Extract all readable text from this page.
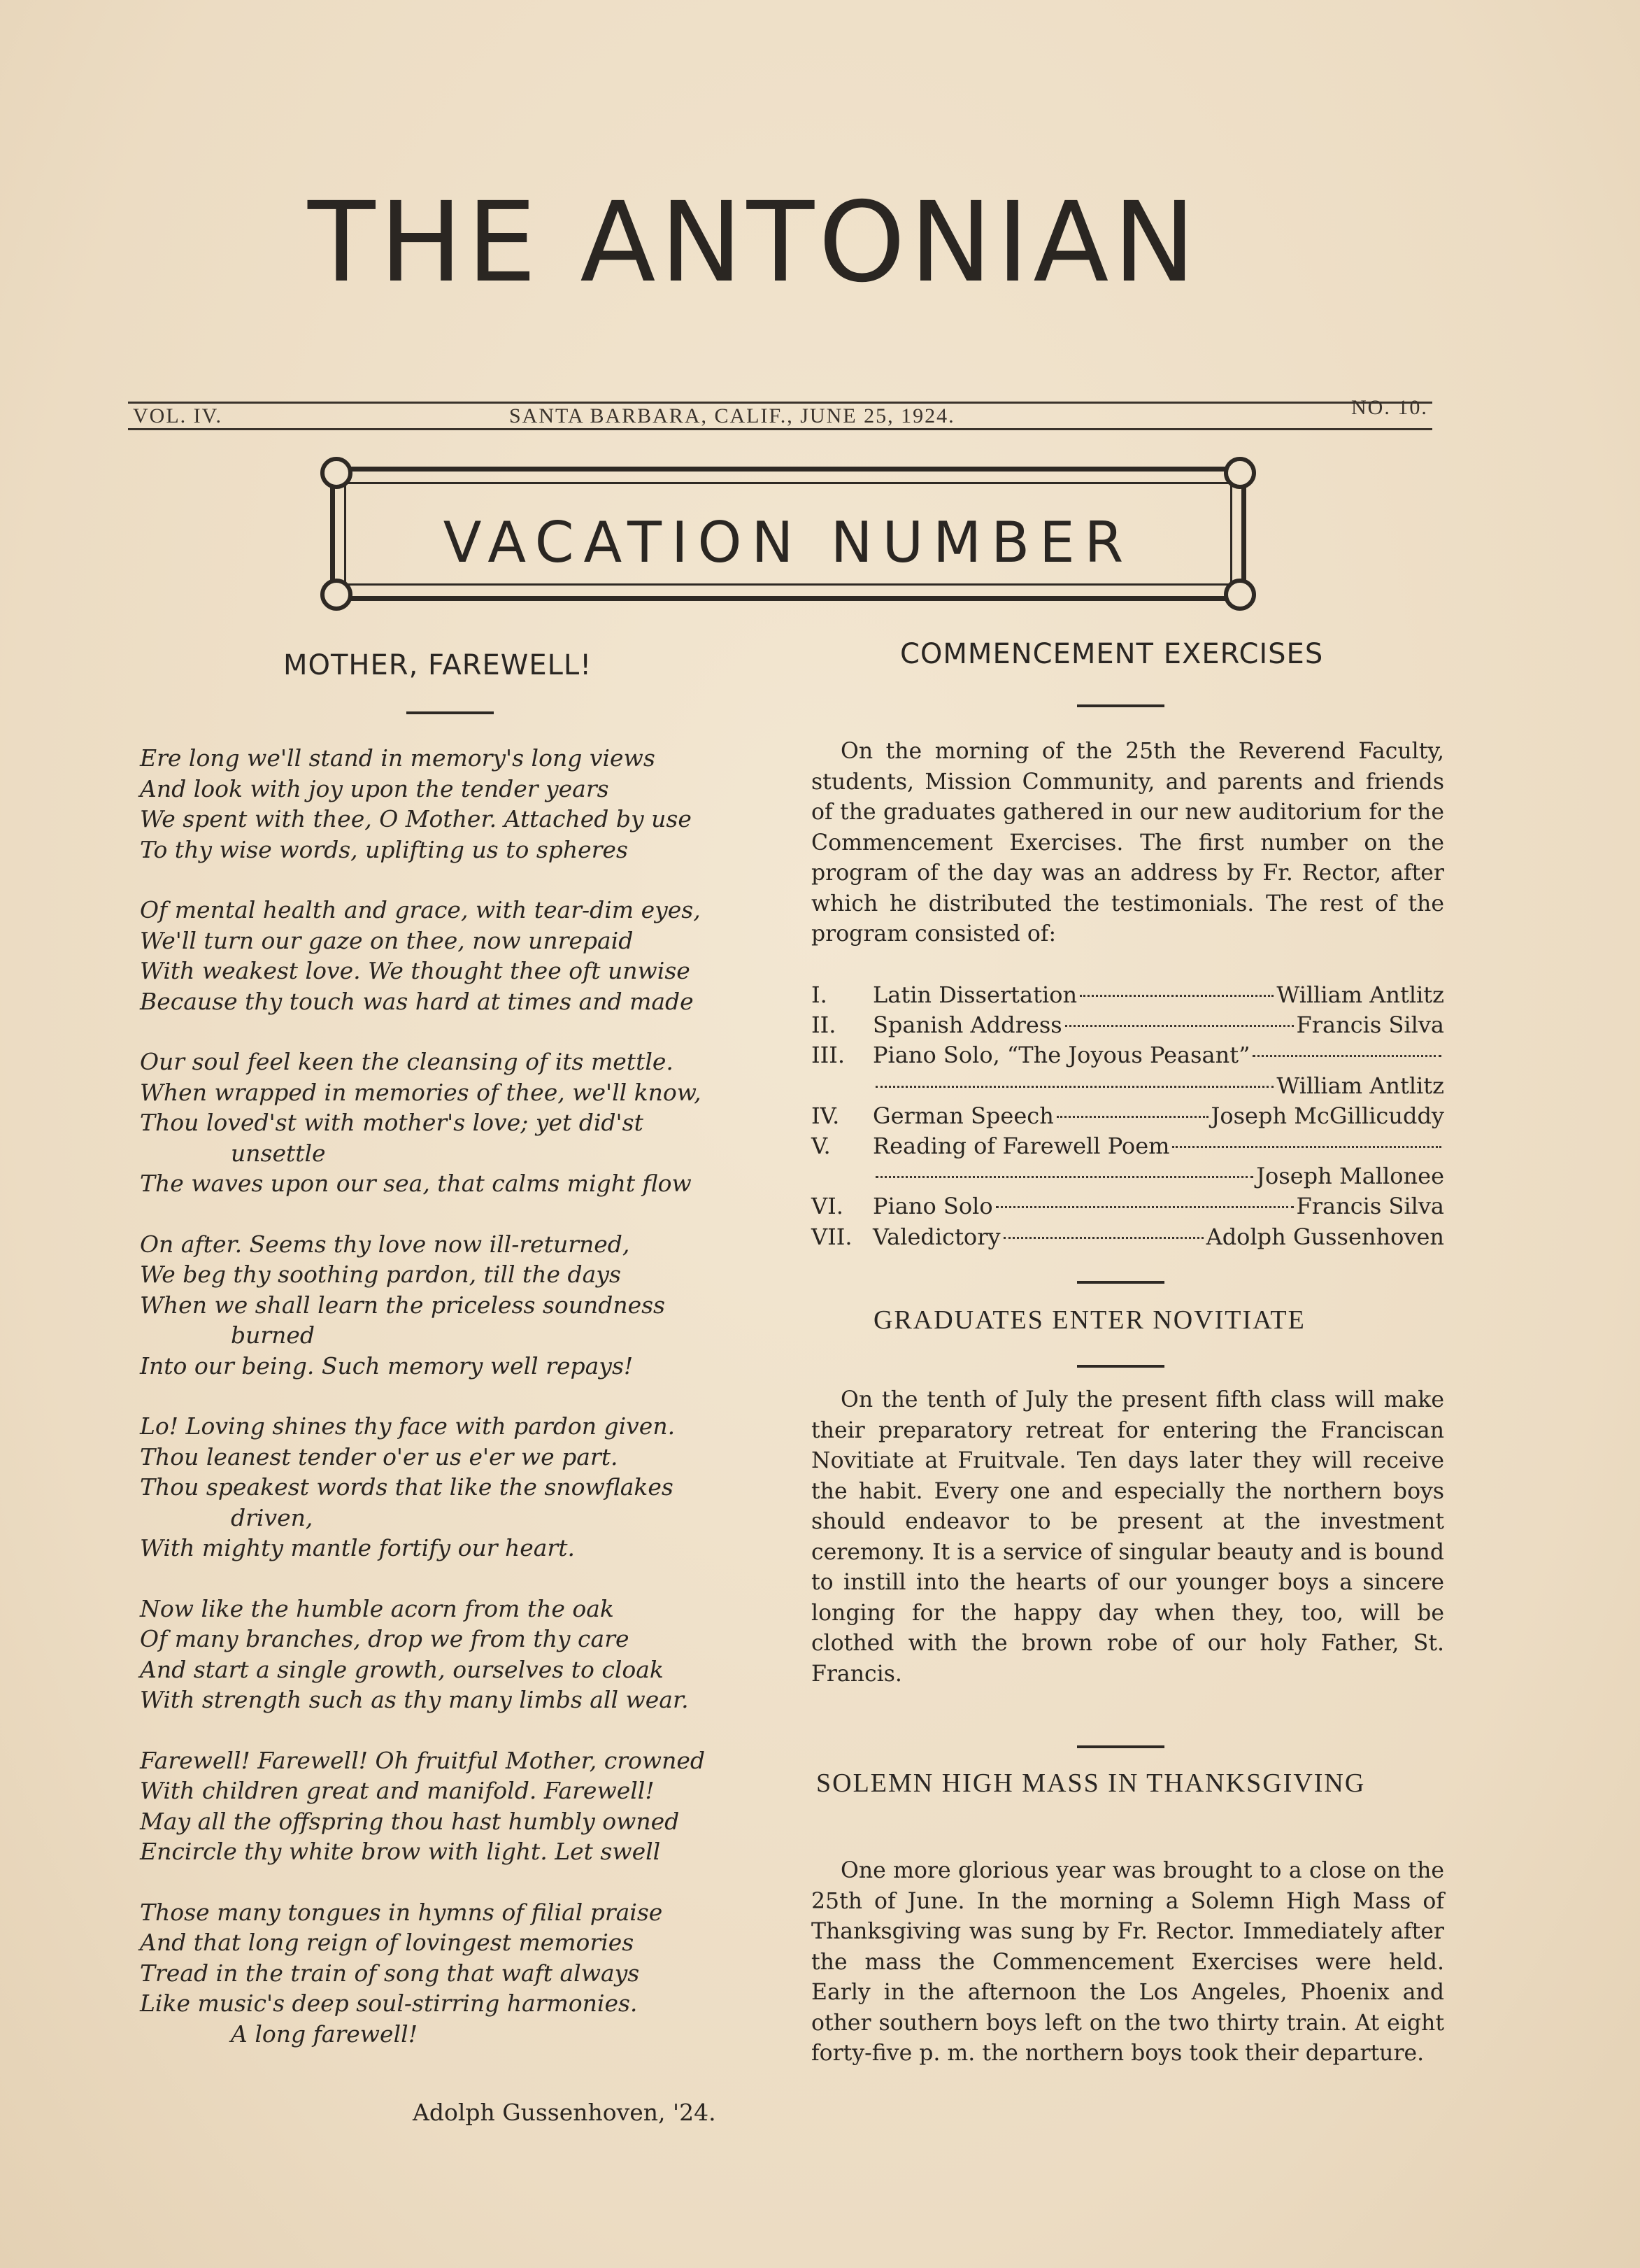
THE ANTONIAN
VOL. IV.	SANTA BARBARA, CALIF., JUNE 25, 1924.	NO. 10.
VACATION NUMBER
MOTHER, FAREWELL!
Ere long we'll stand in memory's long views
And look with joy upon the tender years
We spent with thee, O Mother. Attached by use
To thy wise words, uplifting us to spheres
Of mental health and grace, with tear-dim eyes,
We'll turn our gaze on thee, now unrepaid
With weakest love. We thought thee oft unwise
Because thy touch was hard at times and made
Our soul feel keen the cleansing of its mettle.
When wrapped in memories of thee, we'll know,
Thou loved'st with mother's love; yet did'st
unsettle
The waves upon our sea, that calms might flow
On after. Seems thy love now ill-returned,
We beg thy soothing pardon, till the days
When we shall learn the priceless soundness
burned
Into our being. Such memory well repays!
Lo! Loving shines thy face with pardon given.
Thou leanest tender o'er us e'er we part.
Thou speakest words that like the snowflakes
driven,
With mighty mantle fortify our heart.
Now like the humble acorn from the oak
Of many branches, drop we from thy care
And start a single growth, ourselves to cloak
With strength such as thy many limbs all wear.
Farewell! Farewell! Oh fruitful Mother, crowned
With children great and manifold. Farewell!
May all the offspring thou hast humbly owned
Encircle thy white brow with light. Let swell
Those many tongues in hymns of filial praise
And that long reign of lovingest memories
Tread in the train of song that waft always
Like music's deep soul-stirring harmonies.
A long farewell!
Adolph Gussenhoven, '24.
COMMENCEMENT EXERCISES

On the morning of the 25th the Reverend Faculty, students, Mission Community, and parents and friends of the graduates gathered in our new auditorium for the Commencement Exercises. The first number on the program of the day was an address by Fr. Rector, after which he distributed the testimonials. The rest of the program consisted of:

I.	Latin Dissertation	William Antlitz
II.	Spanish Address	Francis Silva
III.	Piano Solo, “The Joyous Peasant”
William Antlitz
IV.	German Speech	Joseph McGillicuddy
V.	Reading of Farewell Poem
Joseph Mallonee
VI.	Piano Solo	Francis Silva
VII. Valedictory	Adolph Gussenhoven
GRADUATES ENTER NOVITIATE

On the tenth of July the present fifth class will make their preparatory retreat for entering the Franciscan Novitiate at Fruitvale. Ten days later they will receive the habit. Every one and especially the northern boys should endeavor to be present at the investment ceremony. It is a service of singular beauty and is bound to instill into the hearts of our younger boys a sincere longing for the happy day when they, too, will be clothed with the brown robe of our holy Father, St. Francis.

SOLEMN HIGH MASS IN THANKSGIVING

One more glorious year was brought to a close on the 25th of June. In the morning a Solemn High Mass of Thanksgiving was sung by Fr. Rector. Immediately after the mass the Commencement Exercises were held. Early in the afternoon the Los Angeles, Phoenix and other southern boys left on the two thirty train. At eight forty-five p. m. the northern boys took their departure.
